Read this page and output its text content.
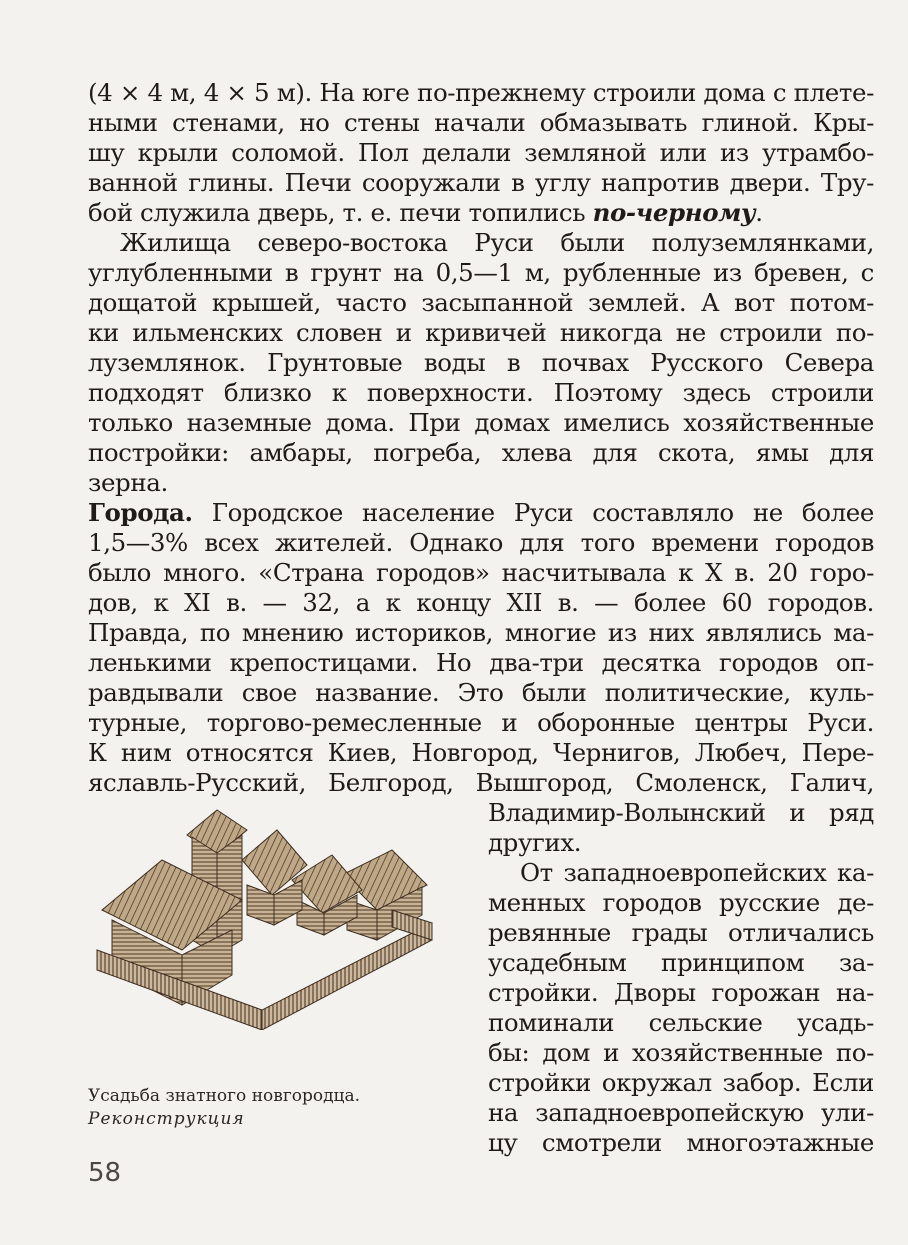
(4 × 4 м, 4 × 5 м). На юге по-прежнему строили дома с плете-
ными стенами, но стены начали обмазывать глиной. Кры-
шу крыли соломой. Пол делали земляной или из утрамбо-
ванной глины. Печи сооружали в углу напротив двери. Тру-
бой служила дверь, т. е. печи топились по-черному.
Жилища северо-востока Руси были полуземлянками,
углубленными в грунт на 0,5—1 м, рубленные из бревен, с
дощатой крышей, часто засыпанной землей. А вот потом-
ки ильменских словен и кривичей никогда не строили по-
луземлянок. Грунтовые воды в почвах Русского Севера
подходят близко к поверхности. Поэтому здесь строили
только наземные дома. При домах имелись хозяйственные
постройки: амбары, погреба, хлева для скота, ямы для
зерна.
Города. Городское население Руси составляло не более
1,5—3% всех жителей. Однако для того времени городов
было много. «Страна городов» насчитывала к X в. 20 горо-
дов, к XI в. — 32, а к концу XII в. — более 60 городов.
Правда, по мнению историков, многие из них являлись ма-
ленькими крепостицами. Но два-три десятка городов оп-
равдывали свое название. Это были политические, куль-
турные, торгово-ремесленные и оборонные центры Руси.
К ним относятся Киев, Новгород, Чернигов, Любеч, Пере-
яславль-Русский, Белгород, Вышгород, Смоленск, Галич,
Владимир-Волынский и ряд
других.
От западноевропейских ка-
менных городов русские де-
ревянные грады отличались
усадебным принципом за-
стройки. Дворы горожан на-
поминали сельские усадь-
бы: дом и хозяйственные по-
стройки окружал забор. Если
на западноевропейскую ули-
цу смотрели многоэтажные
Усадьба знатного новгородца.
Реконструкция
58
